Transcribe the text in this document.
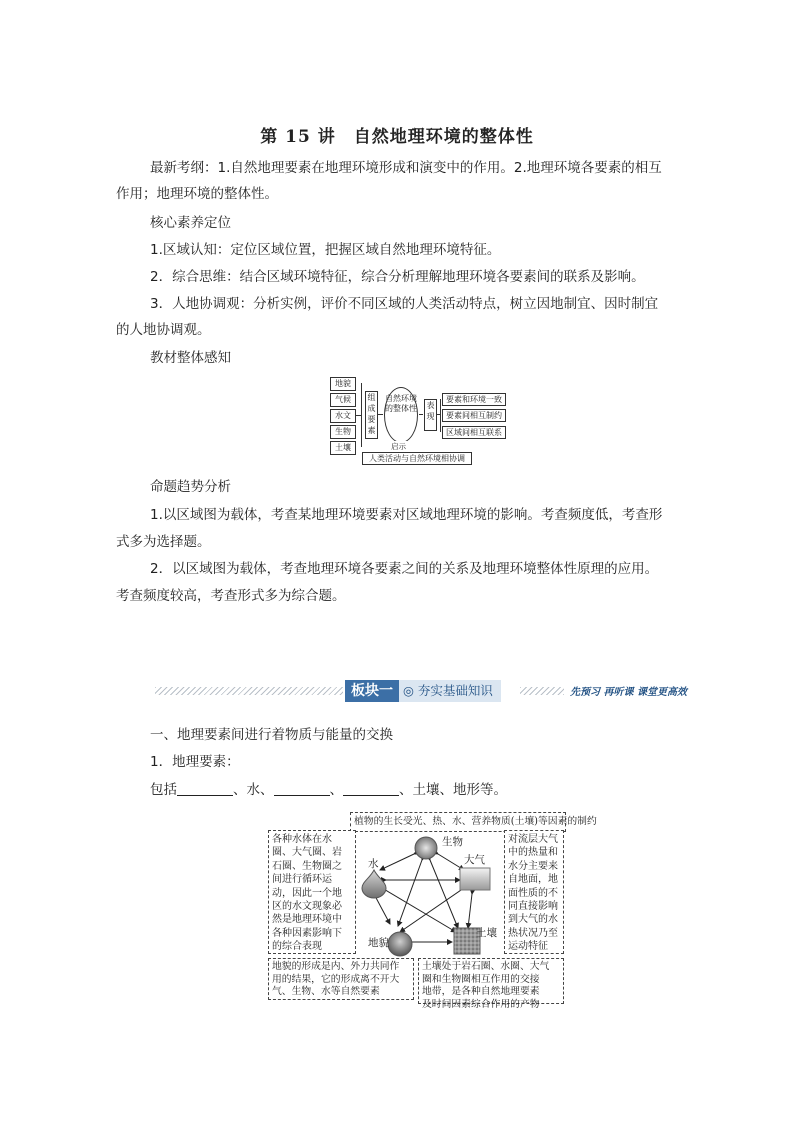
第 15 讲　自然地理环境的整体性
最新考纲：1.自然地理要素在地理环境形成和演变中的作用。2.地理环境各要素的相互
作用；地理环境的整体性。
核心素养定位
1.区域认知：定位区域位置，把握区域自然地理环境特征。
2．综合思维：结合区域环境特征，综合分析理解地理环境各要素间的联系及影响。
3．人地协调观：分析实例，评价不同区域的人类活动特点，树立因地制宜、因时制宜
的人地协调观。
教材整体感知
地貌
气候
水文
生物
土壤
组成要素
自然环境的整体性	表现
要素和环境一致
要素间相互制约
区域间相互联系
启示
人类活动与自然环境相协调
命题趋势分析
1.以区域图为载体，考查某地理环境要素对区域地理环境的影响。考查频度低，考查形
式多为选择题。
2．以区域图为载体，考查地理环境各要素之间的关系及地理环境整体性原理的应用。
考查频度较高，考查形式多为综合题。
板块一 ◎ 夯实基础知识	先预习 再听课 课堂更高效
一、地理要素间进行着物质与能量的交换
1．地理要素：
包括	、水、	、	、土壤、地形等。
植物的生长受光、热、水、营养物质(土壤)等因素的制约
各种水体在水
圈、大气圈、岩
石圈、生物圈之
间进行循环运
动，因此一个地
区的水文现象必
然是地理环境中
各种因素影响下
的综合表现
对流层大气
中的热量和
水分主要来
自地面，地
面性质的不
同直接影响
到大气的水
热状况乃至
运动特征
地貌的形成是内、外力共同作
用的结果，它的形成离不开大
气、生物、水等自然要素
土壤处于岩石圈、水圈、大气
圈和生物圈相互作用的交接
地带，是各种自然地理要素
及时间因素综合作用的产物
生物
大气
水
地貌
土壤
